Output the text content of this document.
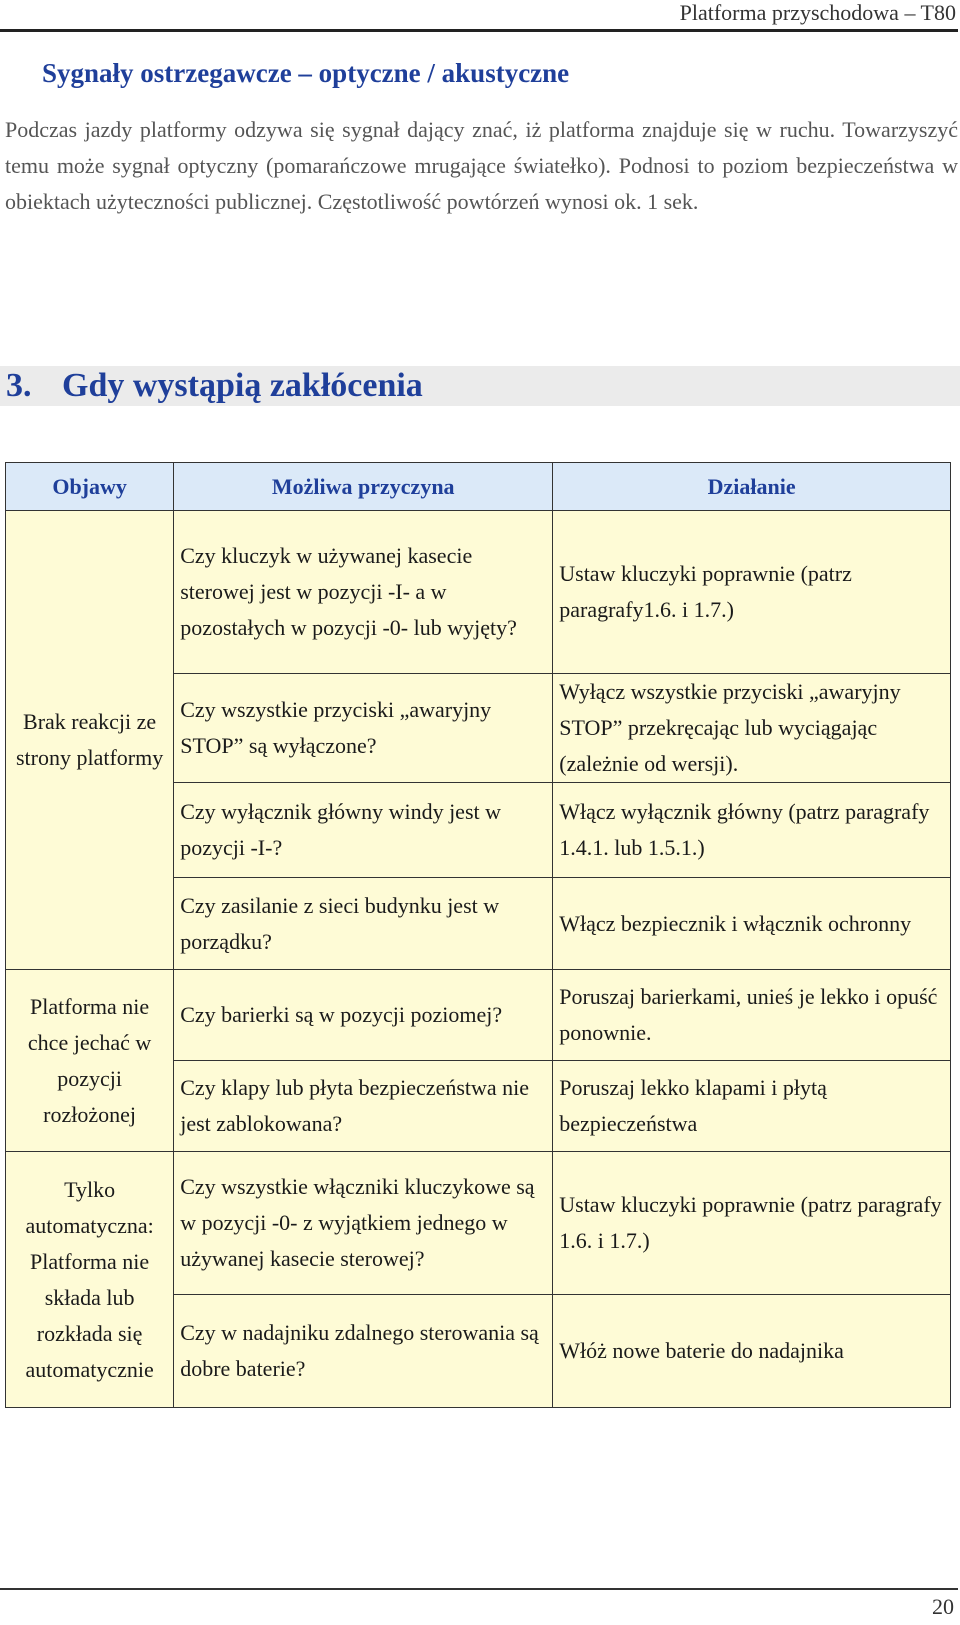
Platforma przyschodowa – T80
Sygnały ostrzegawcze – optyczne / akustyczne

Podczas jazdy platformy odzywa się sygnał dający znać, iż platforma znajduje się w ruchu. Towarzyszyć temu może sygnał optyczny (pomarańczowe mrugające światełko). Podnosi to poziom bezpieczeństwa w obiektach użyteczności publicznej. Częstotliwość powtórzeń wynosi ok. 1 sek.

3. Gdy wystąpią zakłócenia
Objawy	Możliwa przyczyna	Działanie
Brak reakcji ze strony platformy	Czy kluczyk w używanej kasecie sterowej jest w pozycji -I- a w pozostałych w pozycji -0- lub wyjęty?	Ustaw kluczyki poprawnie (patrz paragrafy1.6. i 1.7.)
	Czy wszystkie przyciski „awaryjny STOP” są wyłączone?	Wyłącz wszystkie przyciski „awaryjny STOP” przekręcając lub wyciągając (zależnie od wersji).
	Czy wyłącznik główny windy jest w pozycji -I-?	Włącz wyłącznik główny (patrz paragrafy 1.4.1. lub 1.5.1.)
	Czy zasilanie z sieci budynku jest w porządku?	Włącz bezpiecznik i włącznik ochronny
Platforma nie chce jechać w pozycji rozłożonej	Czy barierki są w pozycji poziomej?	Poruszaj barierkami, unieś je lekko i opuść ponownie.
	Czy klapy lub płyta bezpieczeństwa nie jest zablokowana?	Poruszaj lekko klapami i płytą bezpieczeństwa
Tylko automatyczna: Platforma nie składa lub rozkłada się automatycznie	Czy wszystkie włączniki kluczykowe są w pozycji -0- z wyjątkiem jednego w używanej kasecie sterowej?	Ustaw kluczyki poprawnie (patrz paragrafy 1.6. i 1.7.)
	Czy w nadajniku zdalnego sterowania są dobre baterie?	Włóż nowe baterie do nadajnika
20
